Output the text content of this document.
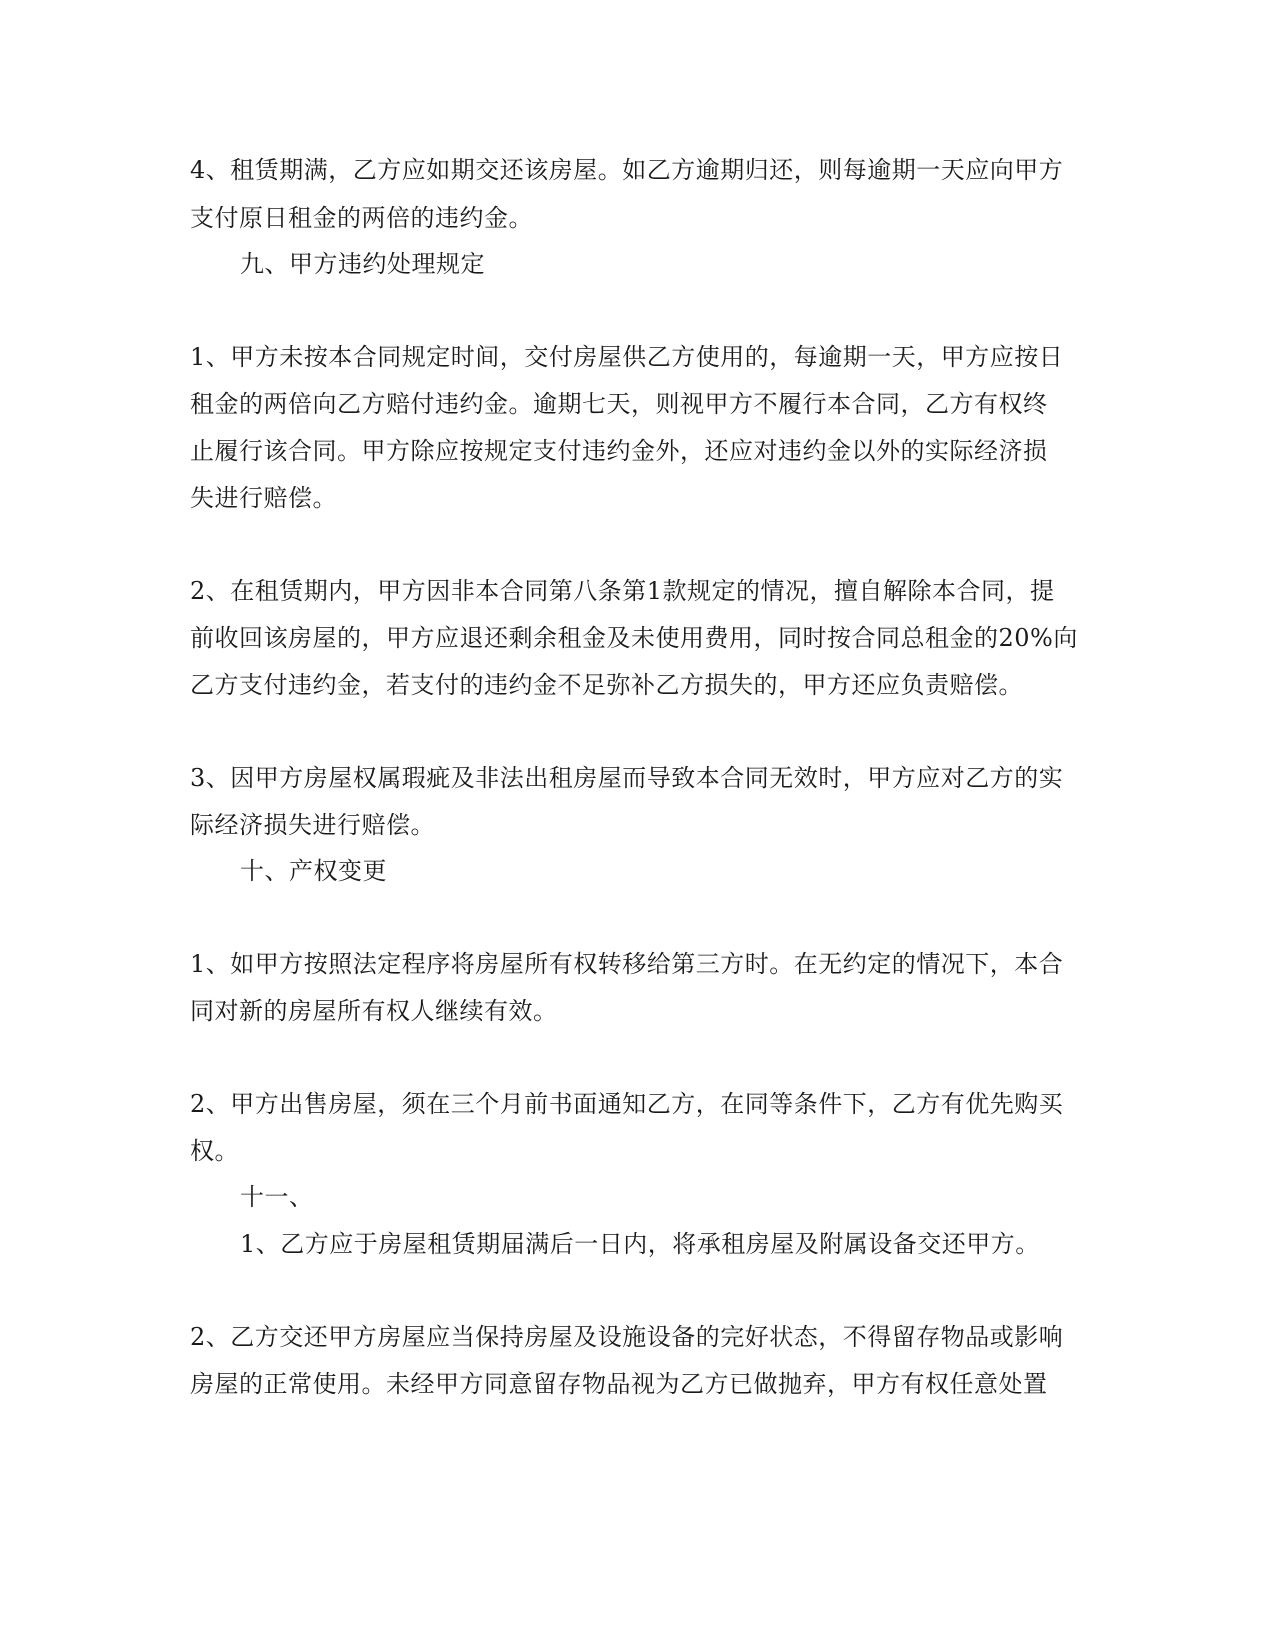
4、租赁期满，乙方应如期交还该房屋。如乙方逾期归还，则每逾期一天应向甲方
支付原日租金的两倍的违约金。
九、甲方违约处理规定
1、甲方未按本合同规定时间，交付房屋供乙方使用的，每逾期一天，甲方应按日
租金的两倍向乙方赔付违约金。逾期七天，则视甲方不履行本合同，乙方有权终
止履行该合同。甲方除应按规定支付违约金外，还应对违约金以外的实际经济损
失进行赔偿。
2、在租赁期内，甲方因非本合同第八条第1款规定的情况，擅自解除本合同，提
前收回该房屋的，甲方应退还剩余租金及未使用费用，同时按合同总租金的20%向
乙方支付违约金，若支付的违约金不足弥补乙方损失的，甲方还应负责赔偿。
3、因甲方房屋权属瑕疵及非法出租房屋而导致本合同无效时，甲方应对乙方的实
际经济损失进行赔偿。
十、产权变更
1、如甲方按照法定程序将房屋所有权转移给第三方时。在无约定的情况下，本合
同对新的房屋所有权人继续有效。
2、甲方出售房屋，须在三个月前书面通知乙方，在同等条件下，乙方有优先购买
权。
十一、
1、乙方应于房屋租赁期届满后一日内，将承租房屋及附属设备交还甲方。
2、乙方交还甲方房屋应当保持房屋及设施设备的完好状态，不得留存物品或影响
房屋的正常使用。未经甲方同意留存物品视为乙方已做抛弃，甲方有权任意处置
